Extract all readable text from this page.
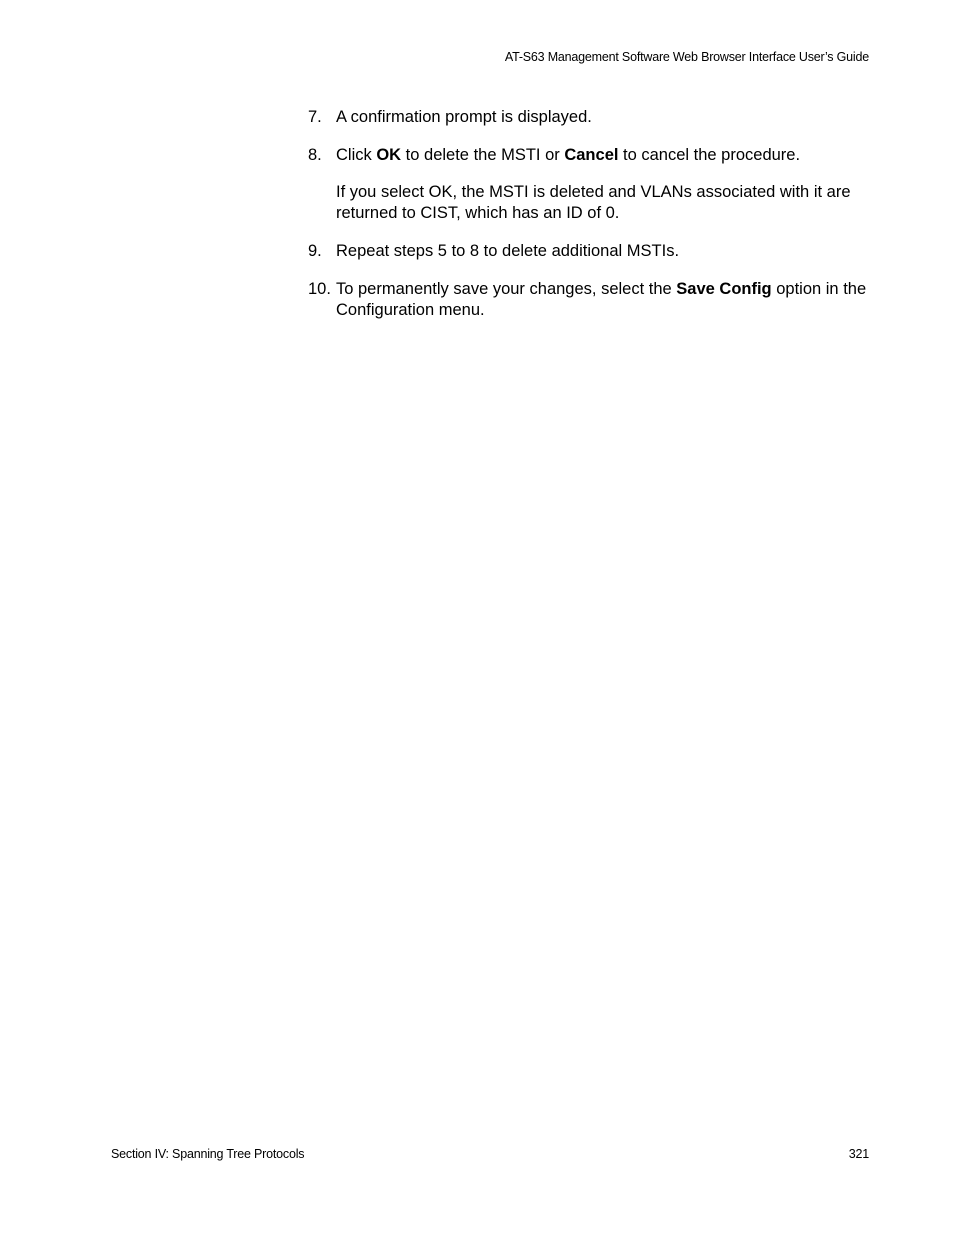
AT-S63 Management Software Web Browser Interface User’s Guide
7. A confirmation prompt is displayed.

8. Click OK to delete the MSTI or Cancel to cancel the procedure.

If you select OK, the MSTI is deleted and VLANs associated with it are returned to CIST, which has an ID of 0.

9. Repeat steps 5 to 8 to delete additional MSTIs.

10. To permanently save your changes, select the Save Config option in the Configuration menu.

Section IV: Spanning Tree Protocols	321
